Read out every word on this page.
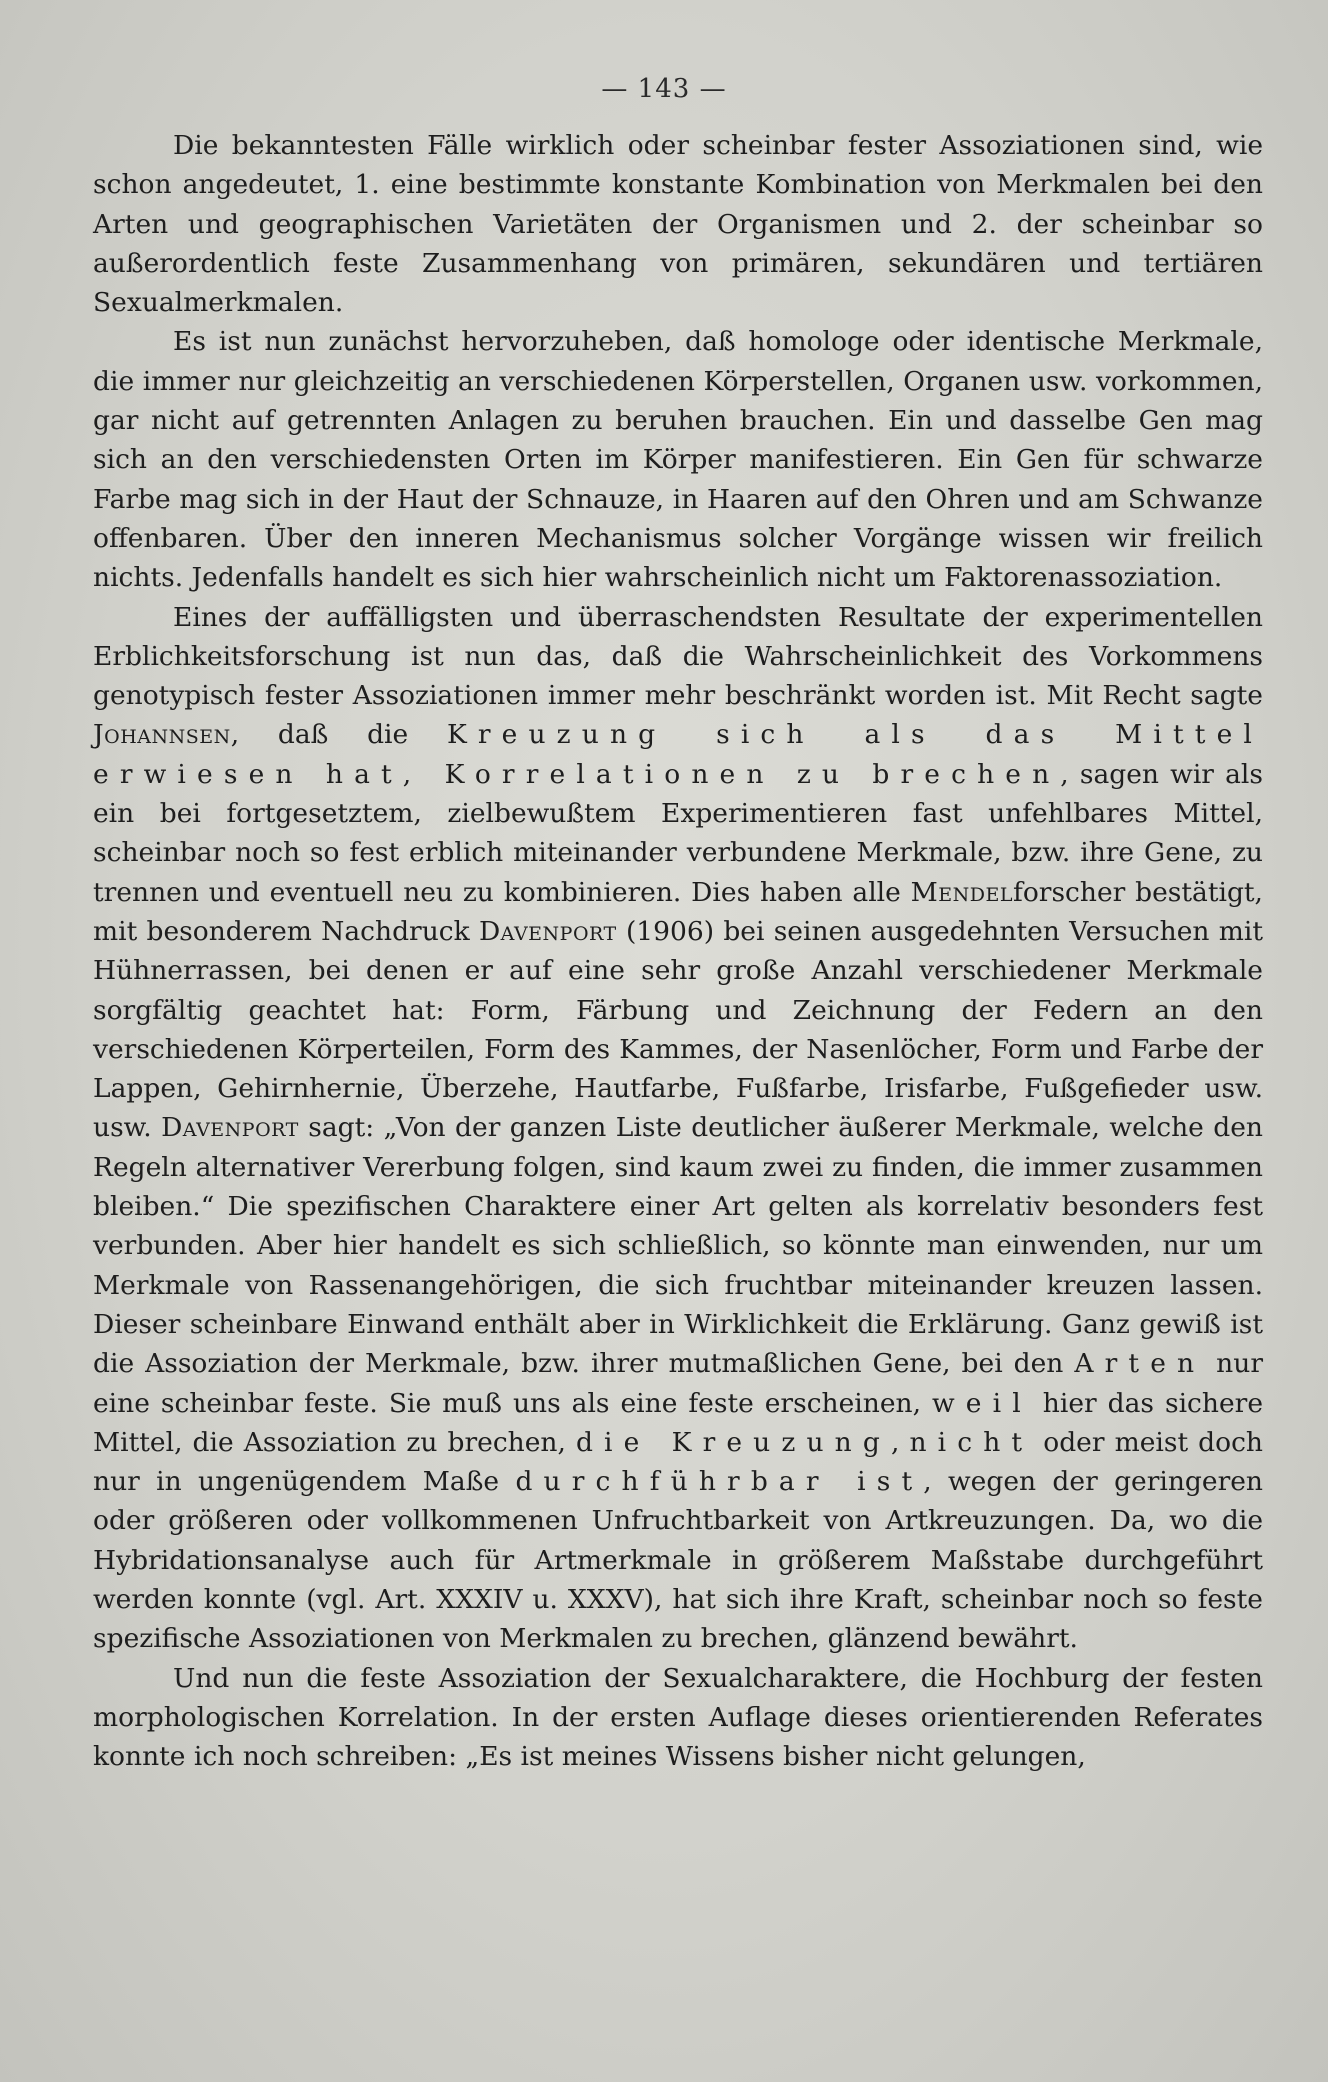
— 143 —

Die bekanntesten Fälle wirklich oder scheinbar fester Assoziationen sind, wie schon angedeutet, 1. eine bestimmte konstante Kombination von Merkmalen bei den Arten und geographischen Varietäten der Organismen und 2. der scheinbar so außerordentlich feste Zusammenhang von primären, sekundären und tertiären Sexualmerkmalen.

Es ist nun zunächst hervorzuheben, daß homologe oder identische Merkmale, die immer nur gleichzeitig an verschiedenen Körperstellen, Organen usw. vorkommen, gar nicht auf getrennten Anlagen zu beruhen brauchen. Ein und dasselbe Gen mag sich an den verschiedensten Orten im Körper manifestieren. Ein Gen für schwarze Farbe mag sich in der Haut der Schnauze, in Haaren auf den Ohren und am Schwanze offenbaren. Über den inneren Mechanismus solcher Vorgänge wissen wir freilich nichts. Jedenfalls handelt es sich hier wahrscheinlich nicht um Faktorenassoziation.

Eines der auffälligsten und überraschendsten Resultate der experimentellen Erblichkeitsforschung ist nun das, daß die Wahrscheinlichkeit des Vorkommens genotypisch fester Assoziationen immer mehr beschränkt worden ist. Mit Recht sagte Johannsen, daß die Kreuzung sich als das Mittel erwiesen hat, Korrelationen zu brechen, sagen wir als ein bei fortgesetztem, zielbewußtem Experimentieren fast unfehlbares Mittel, scheinbar noch so fest erblich miteinander verbundene Merkmale, bzw. ihre Gene, zu trennen und eventuell neu zu kombinieren. Dies haben alle Mendelforscher bestätigt, mit besonderem Nachdruck Davenport (1906) bei seinen ausgedehnten Versuchen mit Hühnerrassen, bei denen er auf eine sehr große Anzahl verschiedener Merkmale sorgfältig geachtet hat: Form, Färbung und Zeichnung der Federn an den verschiedenen Körperteilen, Form des Kammes, der Nasenlöcher, Form und Farbe der Lappen, Gehirnhernie, Überzehe, Hautfarbe, Fußfarbe, Irisfarbe, Fußgefieder usw. usw. Davenport sagt: „Von der ganzen Liste deutlicher äußerer Merkmale, welche den Regeln alternativer Vererbung folgen, sind kaum zwei zu finden, die immer zusammen bleiben.“ Die spezifischen Charaktere einer Art gelten als korrelativ besonders fest verbunden. Aber hier handelt es sich schließlich, so könnte man einwenden, nur um Merkmale von Rassenangehörigen, die sich fruchtbar miteinander kreuzen lassen. Dieser scheinbare Einwand enthält aber in Wirklichkeit die Erklärung. Ganz gewiß ist die Assoziation der Merkmale, bzw. ihrer mutmaßlichen Gene, bei den Arten nur eine scheinbar feste. Sie muß uns als eine feste erscheinen, weil hier das sichere Mittel, die Assoziation zu brechen, die Kreuzung, nicht oder meist doch nur in ungenügendem Maße durchführbar ist, wegen der geringeren oder größeren oder vollkommenen Unfruchtbarkeit von Artkreuzungen. Da, wo die Hybridationsanalyse auch für Artmerkmale in größerem Maßstabe durchgeführt werden konnte (vgl. Art. XXXIV u. XXXV), hat sich ihre Kraft, scheinbar noch so feste spezifische Assoziationen von Merkmalen zu brechen, glänzend bewährt.

Und nun die feste Assoziation der Sexualcharaktere, die Hochburg der festen morphologischen Korrelation. In der ersten Auflage dieses orientierenden Referates konnte ich noch schreiben: „Es ist meines Wissens bisher nicht gelungen,
